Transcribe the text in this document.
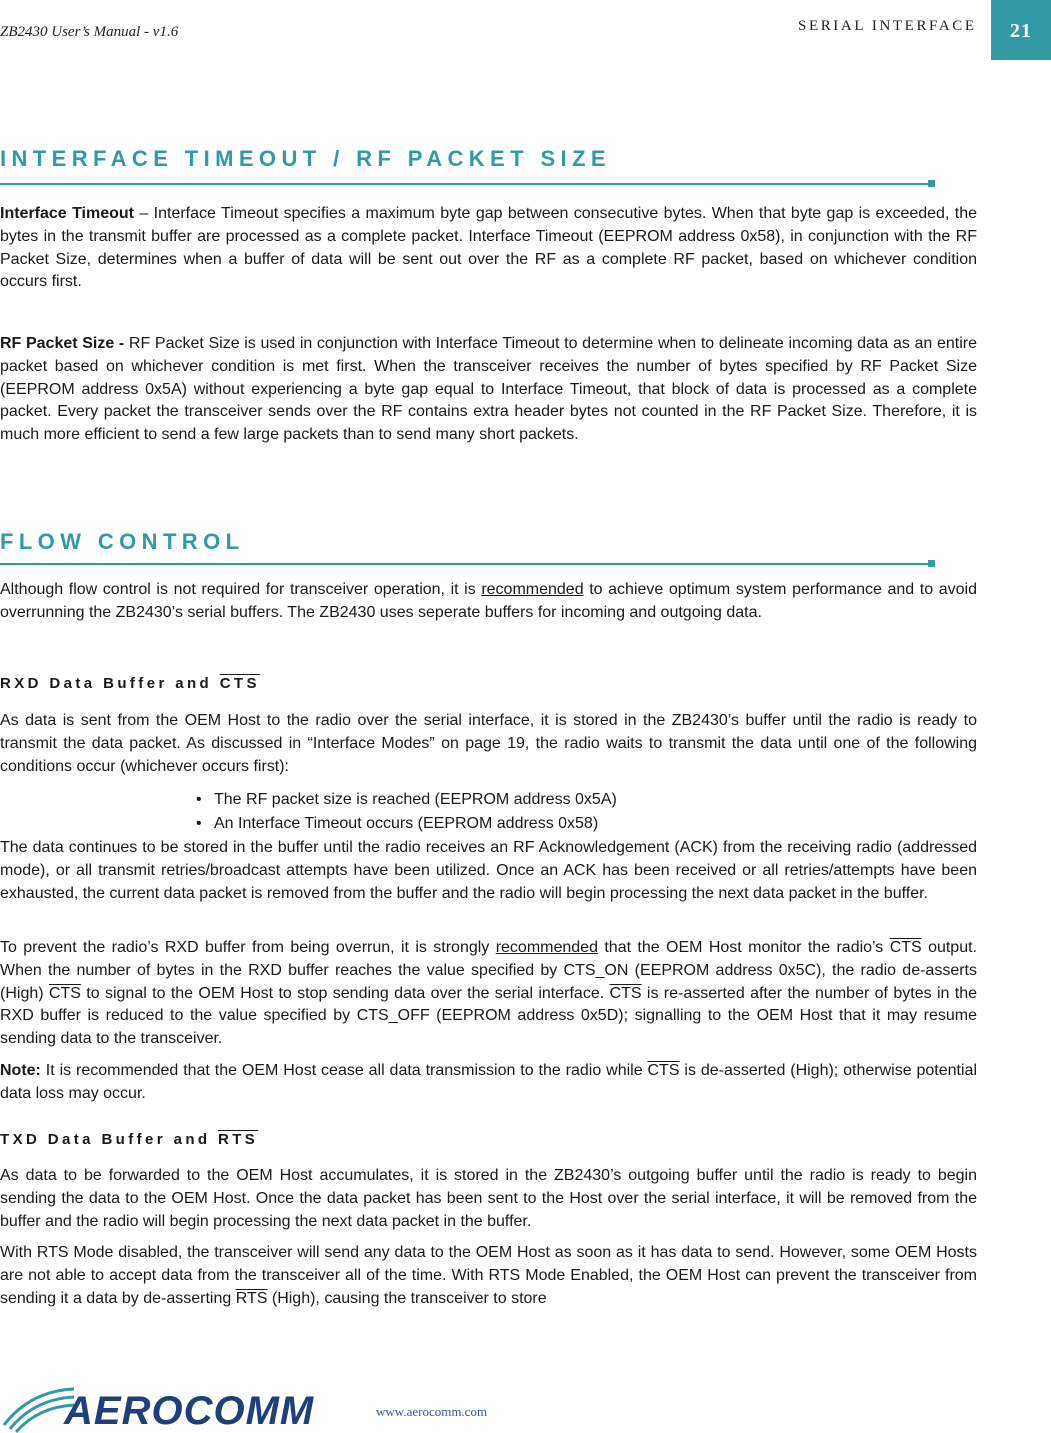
ZB2430 User’s Manual - v1.6	SERIAL INTERFACE	21
INTERFACE TIMEOUT / RF PACKET SIZE

Interface Timeout – Interface Timeout specifies a maximum byte gap between consecutive bytes. When that byte gap is exceeded, the bytes in the transmit buffer are processed as a complete packet. Interface Timeout (EEPROM address 0x58), in conjunction with the RF Packet Size, determines when a buffer of data will be sent out over the RF as a complete RF packet, based on whichever condition occurs first.

RF Packet Size - RF Packet Size is used in conjunction with Interface Timeout to determine when to delineate incoming data as an entire packet based on whichever condition is met first. When the transceiver receives the number of bytes specified by RF Packet Size (EEPROM address 0x5A) without experiencing a byte gap equal to Interface Timeout, that block of data is processed as a complete packet. Every packet the transceiver sends over the RF contains extra header bytes not counted in the RF Packet Size. Therefore, it is much more efficient to send a few large packets than to send many short packets.

FLOW CONTROL

Although flow control is not required for transceiver operation, it is recommended to achieve optimum system performance and to avoid overrunning the ZB2430’s serial buffers. The ZB2430 uses seperate buffers for incoming and outgoing data.

RXD Data Buffer and $\overline{CTS}$

As data is sent from the OEM Host to the radio over the serial interface, it is stored in the ZB2430’s buffer until the radio is ready to transmit the data packet. As discussed in “Interface Modes” on page 19, the radio waits to transmit the data until one of the following conditions occur (whichever occurs first):

• The RF packet size is reached (EEPROM address 0x5A)
• An Interface Timeout occurs (EEPROM address 0x58)

The data continues to be stored in the buffer until the radio receives an RF Acknowledgement (ACK) from the receiving radio (addressed mode), or all transmit retries/broadcast attempts have been utilized. Once an ACK has been received or all retries/attempts have been exhausted, the current data packet is removed from the buffer and the radio will begin processing the next data packet in the buffer.

To prevent the radio’s RXD buffer from being overrun, it is strongly recommended that the OEM Host monitor the radio’s $\overline{CTS}$ output. When the number of bytes in the RXD buffer reaches the value specified by CTS_ON (EEPROM address 0x5C), the radio de-asserts (High) $\overline{CTS}$ to signal to the OEM Host to stop sending data over the serial interface. $\overline{CTS}$ is re-asserted after the number of bytes in the RXD buffer is reduced to the value specified by CTS_OFF (EEPROM address 0x5D); signalling to the OEM Host that it may resume sending data to the transceiver.

Note: It is recommended that the OEM Host cease all data transmission to the radio while $\overline{CTS}$ is de-asserted (High); otherwise potential data loss may occur.

TXD Data Buffer and $\overline{RTS}$

As data to be forwarded to the OEM Host accumulates, it is stored in the ZB2430’s outgoing buffer until the radio is ready to begin sending the data to the OEM Host. Once the data packet has been sent to the Host over the serial interface, it will be removed from the buffer and the radio will begin processing the next data packet in the buffer.

With RTS Mode disabled, the transceiver will send any data to the OEM Host as soon as it has data to send. However, some OEM Hosts are not able to accept data from the transceiver all of the time. With RTS Mode Enabled, the OEM Host can prevent the transceiver from sending it a data by de-asserting $\overline{RTS}$ (High), causing the transceiver to store

AEROCOMM	www.aerocomm.com
